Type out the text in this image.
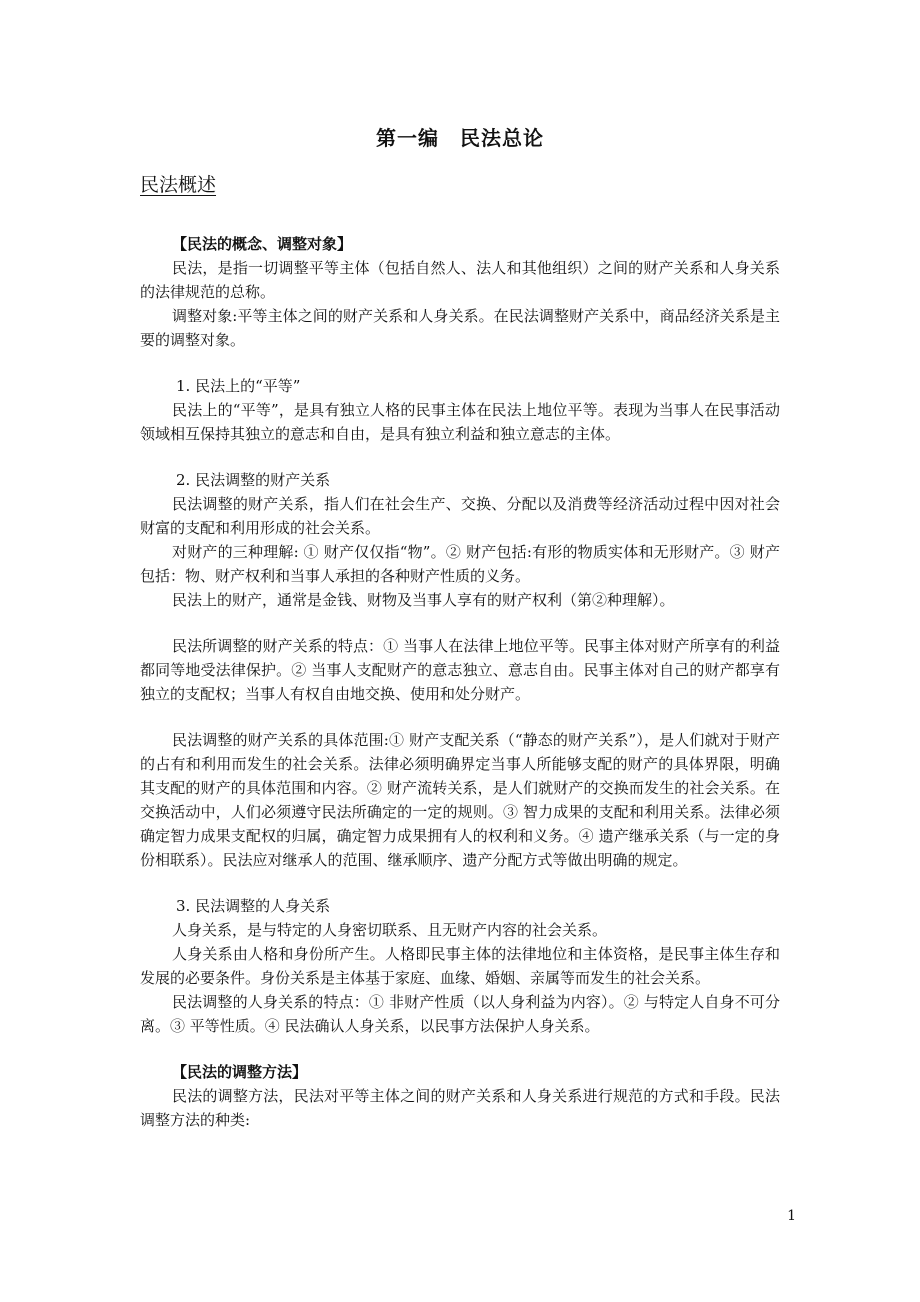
第一编　民法总论
民法概述

【民法的概念、调整对象】

民法，是指一切调整平等主体（包括自然人、法人和其他组织）之间的财产关系和人身关系的法律规范的总称。

调整对象:平等主体之间的财产关系和人身关系。在民法调整财产关系中，商品经济关系是主要的调整对象。

1. 民法上的“平等”

民法上的“平等”，是具有独立人格的民事主体在民法上地位平等。表现为当事人在民事活动领域相互保持其独立的意志和自由，是具有独立利益和独立意志的主体。

2. 民法调整的财产关系

民法调整的财产关系，指人们在社会生产、交换、分配以及消费等经济活动过程中因对社会财富的支配和利用形成的社会关系。

对财产的三种理解: ① 财产仅仅指“物”。② 财产包括:有形的物质实体和无形财产。③ 财产包括：物、财产权利和当事人承担的各种财产性质的义务。

民法上的财产，通常是金钱、财物及当事人享有的财产权利（第②种理解）。

民法所调整的财产关系的特点：① 当事人在法律上地位平等。民事主体对财产所享有的利益都同等地受法律保护。② 当事人支配财产的意志独立、意志自由。民事主体对自己的财产都享有独立的支配权；当事人有权自由地交换、使用和处分财产。

民法调整的财产关系的具体范围:① 财产支配关系（“静态的财产关系”），是人们就对于财产的占有和利用而发生的社会关系。法律必须明确界定当事人所能够支配的财产的具体界限，明确其支配的财产的具体范围和内容。② 财产流转关系，是人们就财产的交换而发生的社会关系。在交换活动中，人们必须遵守民法所确定的一定的规则。③ 智力成果的支配和利用关系。法律必须确定智力成果支配权的归属，确定智力成果拥有人的权利和义务。④ 遗产继承关系（与一定的身份相联系）。民法应对继承人的范围、继承顺序、遗产分配方式等做出明确的规定。

3. 民法调整的人身关系

人身关系，是与特定的人身密切联系、且无财产内容的社会关系。

人身关系由人格和身份所产生。人格即民事主体的法律地位和主体资格，是民事主体生存和发展的必要条件。身份关系是主体基于家庭、血缘、婚姻、亲属等而发生的社会关系。

民法调整的人身关系的特点：① 非财产性质（以人身利益为内容）。② 与特定人自身不可分离。③ 平等性质。④ 民法确认人身关系，以民事方法保护人身关系。

【民法的调整方法】

民法的调整方法，民法对平等主体之间的财产关系和人身关系进行规范的方式和手段。民法调整方法的种类:

1
